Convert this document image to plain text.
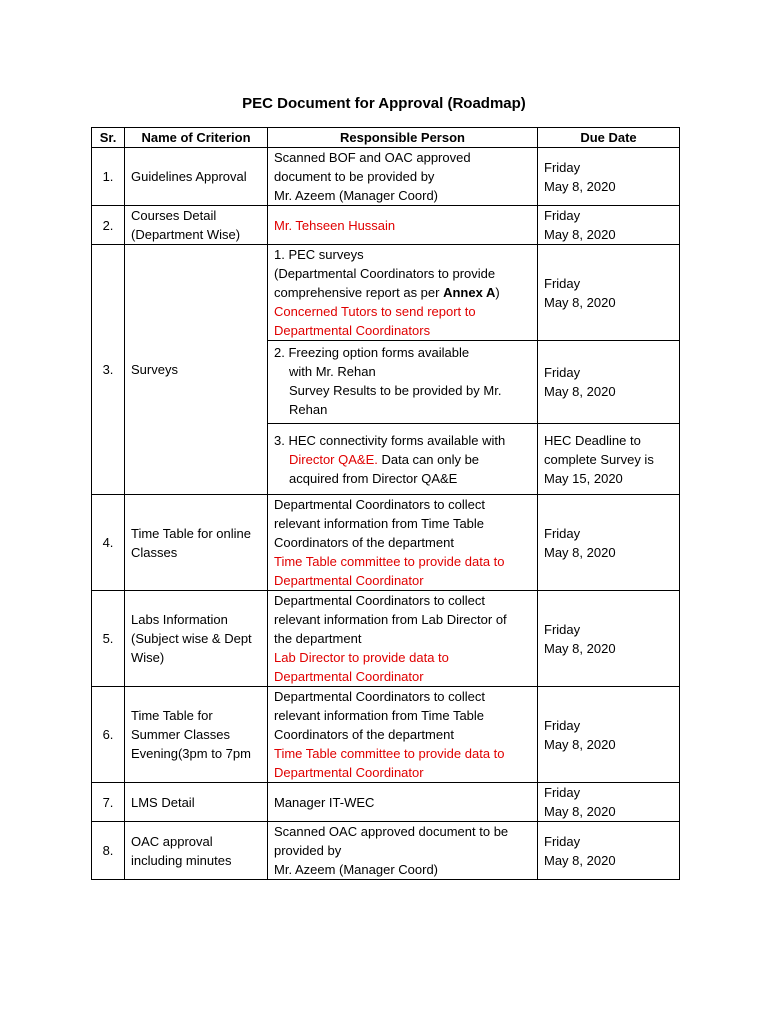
PEC Document for Approval (Roadmap)
Sr.	Name of Criterion	Responsible Person	Due Date
1.	Guidelines Approval	Scanned BOF and OAC approved
document to be provided by
Mr. Azeem (Manager Coord)	Friday
May 8, 2020

2.	Courses Detail
(Department Wise)	Mr. Tehseen Hussain	Friday
May 8, 2020

3.	Surveys	1. PEC surveys
(Departmental Coordinators to provide
comprehensive report as per Annex A)
Concerned Tutors to send report to
Departmental Coordinators	Friday
May 8, 2020

		2. Freezing option forms available
with Mr. Rehan
Survey Results to be provided by Mr.
Rehan	Friday
May 8, 2020

		3. HEC connectivity forms available with
Director QA&E. Data can only be
acquired from Director QA&E	HEC Deadline to
complete Survey is
May 15, 2020

4.	Time Table for online
Classes	Departmental Coordinators to collect
relevant information from Time Table
Coordinators of the department
Time Table committee to provide data to
Departmental Coordinator	Friday
May 8, 2020

5.	Labs Information
(Subject wise & Dept
Wise)	Departmental Coordinators to collect
relevant information from Lab Director of
the department
Lab Director to provide data to
Departmental Coordinator	Friday
May 8, 2020

6.	Time Table for
Summer Classes
Evening(3pm to 7pm	Departmental Coordinators to collect
relevant information from Time Table
Coordinators of the department
Time Table committee to provide data to
Departmental Coordinator	Friday
May 8, 2020

7.	LMS Detail	Manager IT-WEC	Friday
May 8, 2020

8.	OAC approval
including minutes	Scanned OAC approved document to be
provided by
Mr. Azeem (Manager Coord)	Friday
May 8, 2020
